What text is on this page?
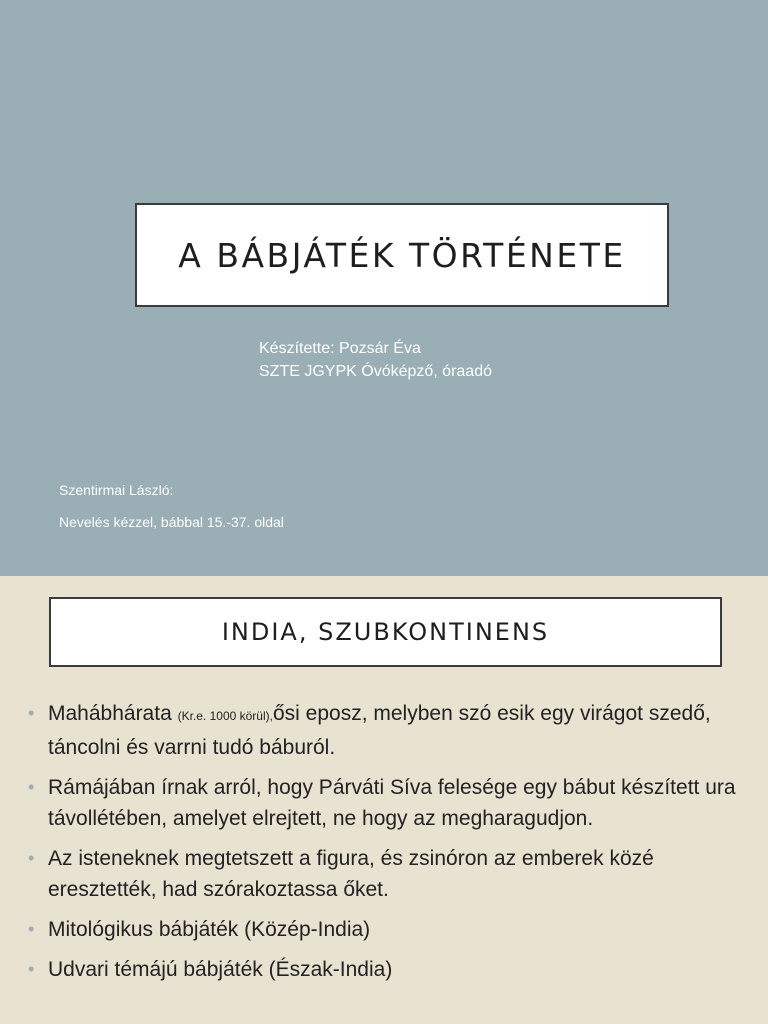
A BÁBJÁTÉK TÖRTÉNETE
Készítette: Pozsár Éva
SZTE JGYPK Óvóképző, óraadó
Szentirmai László:
Nevelés kézzel, bábbal 15.-37. oldal
INDIA, SZUBKONTINENS
• Mahábhárata (Kr.e. 1000 körül),ősi eposz, melyben szó esik egy virágot szedő, táncolni és varrni tudó báburól.
• Rámájában írnak arról, hogy Párváti Síva felesége egy bábut készített ura távollétében, amelyet elrejtett, ne hogy az megharagudjon.
• Az isteneknek megtetszett a figura, és zsinóron az emberek közé eresztették, had szórakoztassa őket.
• Mitológikus bábjáték (Közép-India)
• Udvari témájú bábjáték (Észak-India)
